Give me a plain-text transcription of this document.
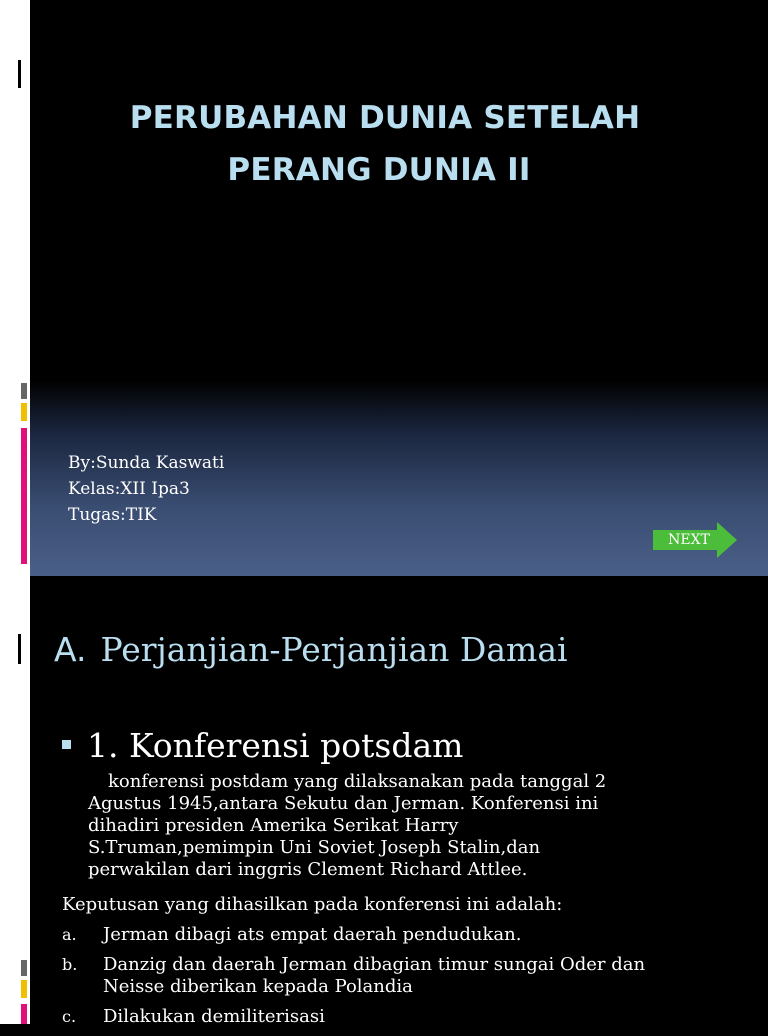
PERUBAHAN DUNIA SETELAH
PERANG DUNIA II
By:Sunda Kaswati
Kelas:XII Ipa3
Tugas:TIK
NEXT
A. Perjanjian-Perjanjian Damai
1. Konferensi potsdam
konferensi postdam yang dilaksanakan pada tanggal 2
Agustus 1945,antara Sekutu dan Jerman. Konferensi ini
dihadiri presiden Amerika Serikat Harry
S.Truman,pemimpin Uni Soviet Joseph Stalin,dan
perwakilan dari inggris Clement Richard Attlee.
Keputusan yang dihasilkan pada konferensi ini adalah:
a.	Jerman dibagi ats empat daerah pendudukan.
b.	Danzig dan daerah Jerman dibagian timur sungai Oder dan
Neisse diberikan kepada Polandia
c.	Dilakukan demiliterisasi
